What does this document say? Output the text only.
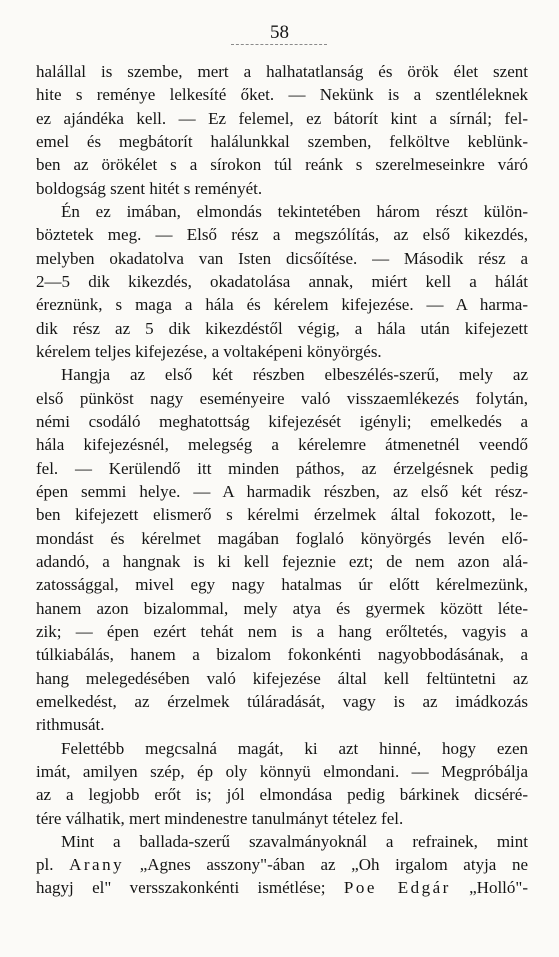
58
halállal is szembe, mert a halhatatlanság és örök élet szent
hite s reménye lelkesíté őket. — Nekünk is a szentléleknek
ez ajándéka kell. — Ez felemel, ez bátorít kint a sírnál; fel-
emel és megbátorít halálunkkal szemben, felköltve keblünk-
ben az örökélet s a sírokon túl reánk s szerelmeseinkre váró
boldogság szent hitét s reményét.
Én ez imában, elmondás tekintetében három részt külön-
böztetek meg. — Első rész a megszólítás, az első kikezdés,
melyben okadatolva van Isten dicsőítése. — Második rész a
2—5 dik kikezdés, okadatolása annak, miért kell a hálát
éreznünk, s maga a hála és kérelem kifejezése. — A harma-
dik rész az 5 dik kikezdéstől végig, a hála után kifejezett
kérelem teljes kifejezése, a voltaképeni könyörgés.
Hangja az első két részben elbeszélés-szerű, mely az
első pünköst nagy eseményeire való visszaemlékezés folytán,
némi csodáló meghatottság kifejezését igényli; emelkedés a
hála kifejezésnél, melegség a kérelemre átmenetnél veendő
fel. — Kerülendő itt minden páthos, az érzelgésnek pedig
épen semmi helye. — A harmadik részben, az első két rész-
ben kifejezett elismerő s kérelmi érzelmek által fokozott, le-
mondást és kérelmet magában foglaló könyörgés levén elő-
adandó, a hangnak is ki kell fejeznie ezt; de nem azon alá-
zatossággal, mivel egy nagy hatalmas úr előtt kérelmezünk,
hanem azon bizalommal, mely atya és gyermek között léte-
zik; — épen ezért tehát nem is a hang erőltetés, vagyis a
túlkiabálás, hanem a bizalom fokonkénti nagyobbodásának, a
hang melegedésében való kifejezése által kell feltüntetni az
emelkedést, az érzelmek túláradását, vagy is az imádkozás
rithmusát.
Felettébb megcsalná magát, ki azt hinné, hogy ezen
imát, amilyen szép, ép oly könnyü elmondani. — Megpróbálja
az a legjobb erőt is; jól elmondása pedig bárkinek dicséré-
tére válhatik, mert mindenestre tanulmányt tételez fel.
Mint a ballada-szerű szavalmányoknál a refrainek, mint
pl. Arany „Agnes asszony"-ában az „Oh irgalom atyja ne
hagyj el" versszakonkénti ismétlése; Poe Edgár „Holló"-
